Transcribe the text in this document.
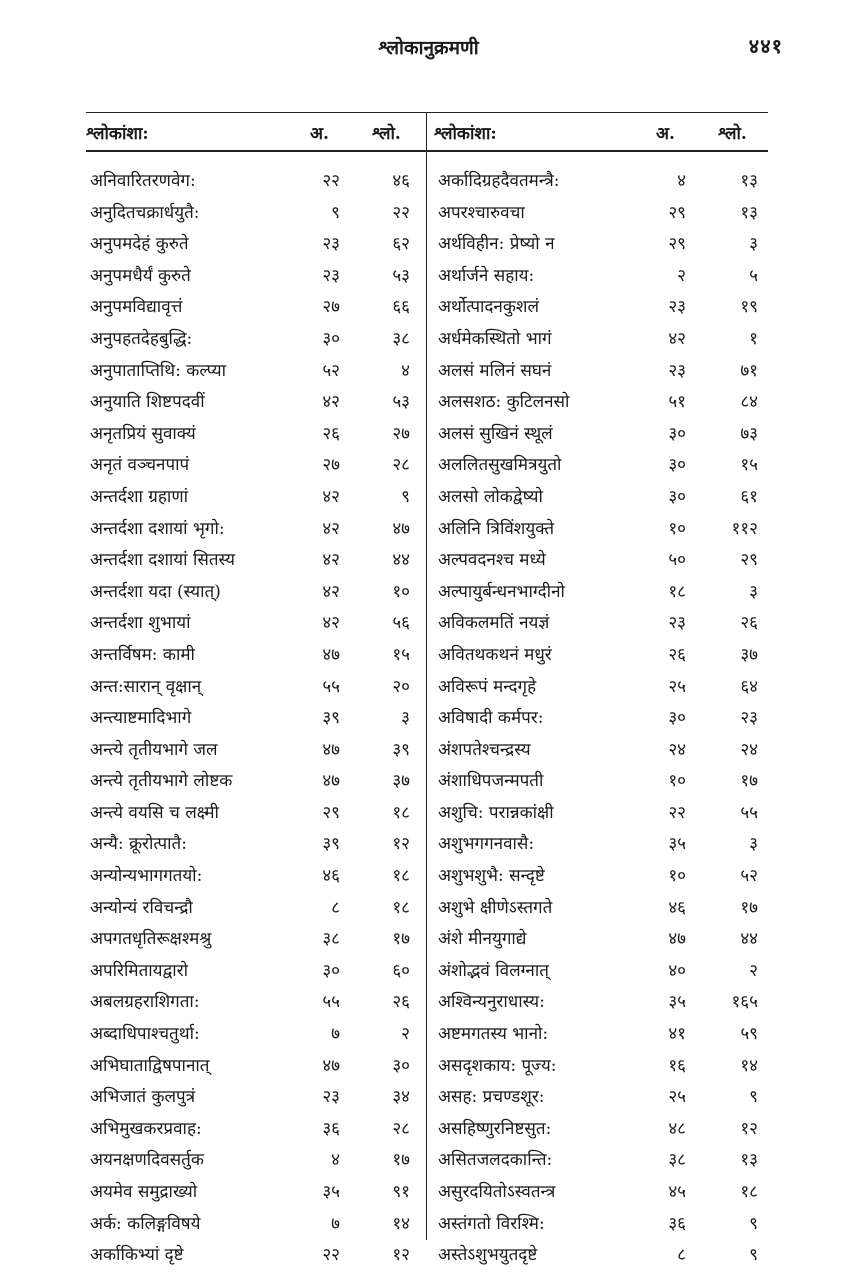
श्लोकानुक्रमणी	४४१
श्लोकांशा:	अ.	श्लो.
अनिवारितरणवेग:	२२	४६
अनुदितचक्रार्धयुतै:	९	२२
अनुपमदेहं कुरुते	२३	६२
अनुपमधैर्यं कुरुते	२३	५३
अनुपमविद्यावृत्तं	२७	६६
अनुपहतदेहबुद्धि:	३०	३८
अनुपाताप्तिथि: कल्प्या	५२	४
अनुयाति शिष्टपदवीं	४२	५३
अनृतप्रियं सुवाक्यं	२६	२७
अनृतं वञ्चनपापं	२७	२८
अन्तर्दशा ग्रहाणां	४२	९
अन्तर्दशा दशायां भृगो:	४२	४७
अन्तर्दशा दशायां सितस्य	४२	४४
अन्तर्दशा यदा (स्यात्)	४२	१०
अन्तर्दशा शुभायां	४२	५६
अन्तर्विषम: कामी	४७	१५
अन्त:सारान् वृक्षान्	५५	२०
अन्त्याष्टमादिभागे	३९	३
अन्त्ये तृतीयभागे जल	४७	३९
अन्त्ये तृतीयभागे लोष्टक	४७	३७
अन्त्ये वयसि च लक्ष्मी	२९	१८
अन्यै: क्रूरोत्पातै:	३९	१२
अन्योन्यभागगतयो:	४६	१८
अन्योन्यं रविचन्द्रौ	८	१८
अपगतधृतिरूक्षश्मश्रु	३८	१७
अपरिमितायद्वारो	३०	६०
अबलग्रहराशिगता:	५५	२६
अब्दाधिपाश्चतुर्था:	७	२
अभिघाताद्विषपानात्	४७	३०
अभिजातं कुलपुत्रं	२३	३४
अभिमुखकरप्रवाह:	३६	२८
अयनक्षणदिवसर्तुक	४	१७
अयमेव समुद्राख्यो	३५	९१
अर्क: कलिङ्गविषये	७	१४
अर्काकिभ्यां दृष्टे	२२	१२
श्लोकांशा:	अ.	श्लो.
अर्कादिग्रहदैवतमन्त्रै:	४	१३
अपरश्चारुवचा	२९	१३
अर्थविहीन: प्रेष्यो न	२९	३
अर्थार्जने सहाय:	२	५
अर्थोत्पादनकुशलं	२३	१९
अर्धमेकस्थितो भागं	४२	१
अलसं मलिनं सघनं	२३	७१
अलसशठ: कुटिलनसो	५१	८४
अलसं सुखिनं स्थूलं	३०	७३
अललितसुखमित्रयुतो	३०	१५
अलसो लोकद्वेष्यो	३०	६१
अलिनि त्रिविंशयुक्ते	१०	११२
अल्पवदनश्च मध्ये	५०	२९
अल्पायुर्बन्धनभाग्दीनो	१८	३
अविकलमतिं नयज्ञं	२३	२६
अवितथकथनं मधुरं	२६	३७
अविरूपं मन्दगृहे	२५	६४
अविषादी कर्मपर:	३०	२३
अंशपतेश्चन्द्रस्य	२४	२४
अंशाधिपजन्मपती	१०	१७
अशुचि: परान्नकांक्षी	२२	५५
अशुभगगनवासै:	३५	३
अशुभशुभै: सन्दृष्टे	१०	५२
अशुभे क्षीणेऽस्तगते	४६	१७
अंशे मीनयुगाद्ये	४७	४४
अंशोद्भवं विलग्नात्	४०	२
अश्विन्यनुराधास्य:	३५	१६५
अष्टमगतस्य भानो:	४१	५९
असदृशकाय: पूज्य:	१६	१४
असह: प्रचण्डशूर:	२५	९
असहिष्णुरनिष्टसुत:	४८	१२
असितजलदकान्ति:	३८	१३
असुरदयितोऽस्वतन्त्र	४५	१८
अस्तंगतो विरश्मि:	३६	९
अस्तेऽशुभयुतदृष्टे	८	९
